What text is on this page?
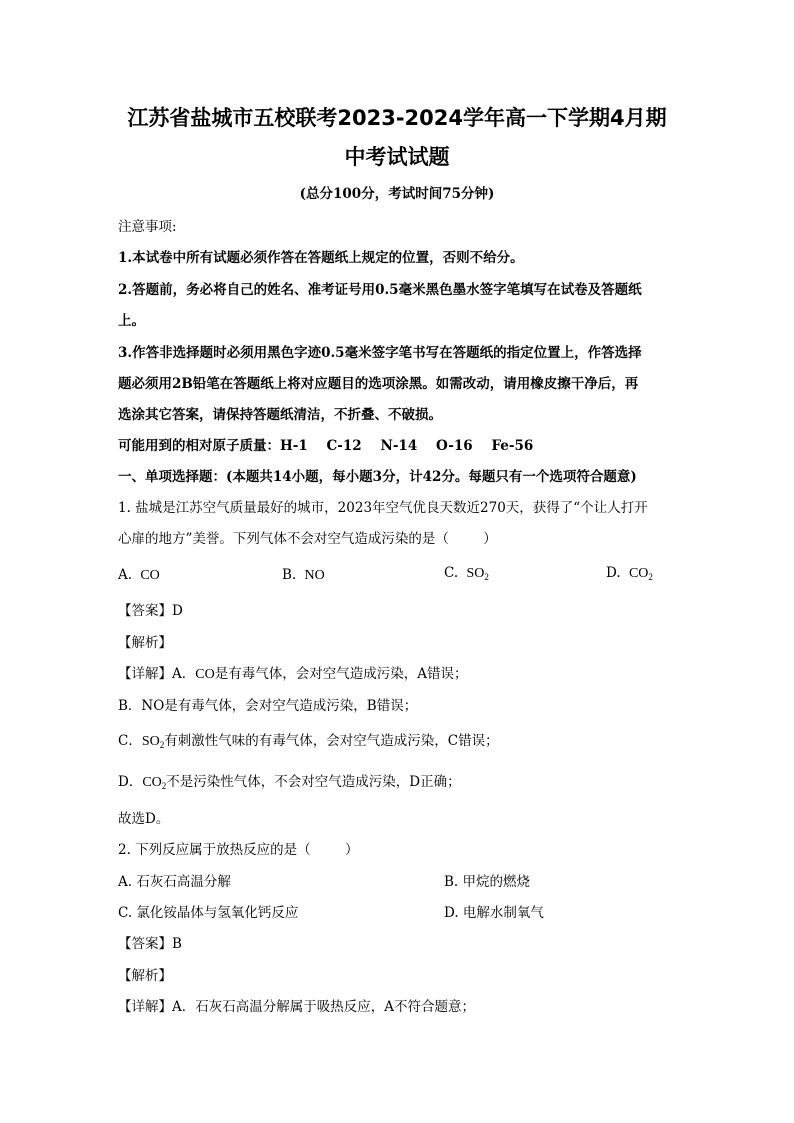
江苏省盐城市五校联考2023-2024学年高一下学期4月期
中考试试题
(总分100分，考试时间75分钟)
注意事项:
1.本试卷中所有试题必须作答在答题纸上规定的位置，否则不给分。
2.答题前，务必将自己的姓名、准考证号用0.5毫米黑色墨水签字笔填写在试卷及答题纸
上。
3.作答非选择题时必须用黑色字迹0.5毫米签字笔书写在答题纸的指定位置上，作答选择
题必须用2B铅笔在答题纸上将对应题目的选项涂黑。如需改动，请用橡皮擦干净后，再
选涂其它答案，请保持答题纸清洁，不折叠、不破损。
可能用到的相对原子质量：H-1    C-12    N-14    O-16    Fe-56
一、单项选择题：(本题共14小题，每小题3分，计42分。每题只有一个选项符合题意)
1. 盐城是江苏空气质量最好的城市，2023年空气优良天数近270天，获得了“个让人打开
心扉的地方”美誉。下列气体不会对空气造成污染的是（        ）
A. CO	B. NO	C. $SO_2$	D. $CO_2$
【答案】D
【解析】
【详解】A．CO是有毒气体，会对空气造成污染，A错误；
B．NO是有毒气体，会对空气造成污染，B错误；
C．$SO_2$有刺激性气味的有毒气体，会对空气造成污染，C错误；
D．$CO_2$不是污染性气体，不会对空气造成污染，D正确；
故选D。
2. 下列反应属于放热反应的是（        ）
A. 石灰石高温分解	B. 甲烷的燃烧
C. 氯化铵晶体与氢氧化钙反应	D. 电解水制氧气
【答案】B
【解析】
【详解】A．石灰石高温分解属于吸热反应，A不符合题意；
